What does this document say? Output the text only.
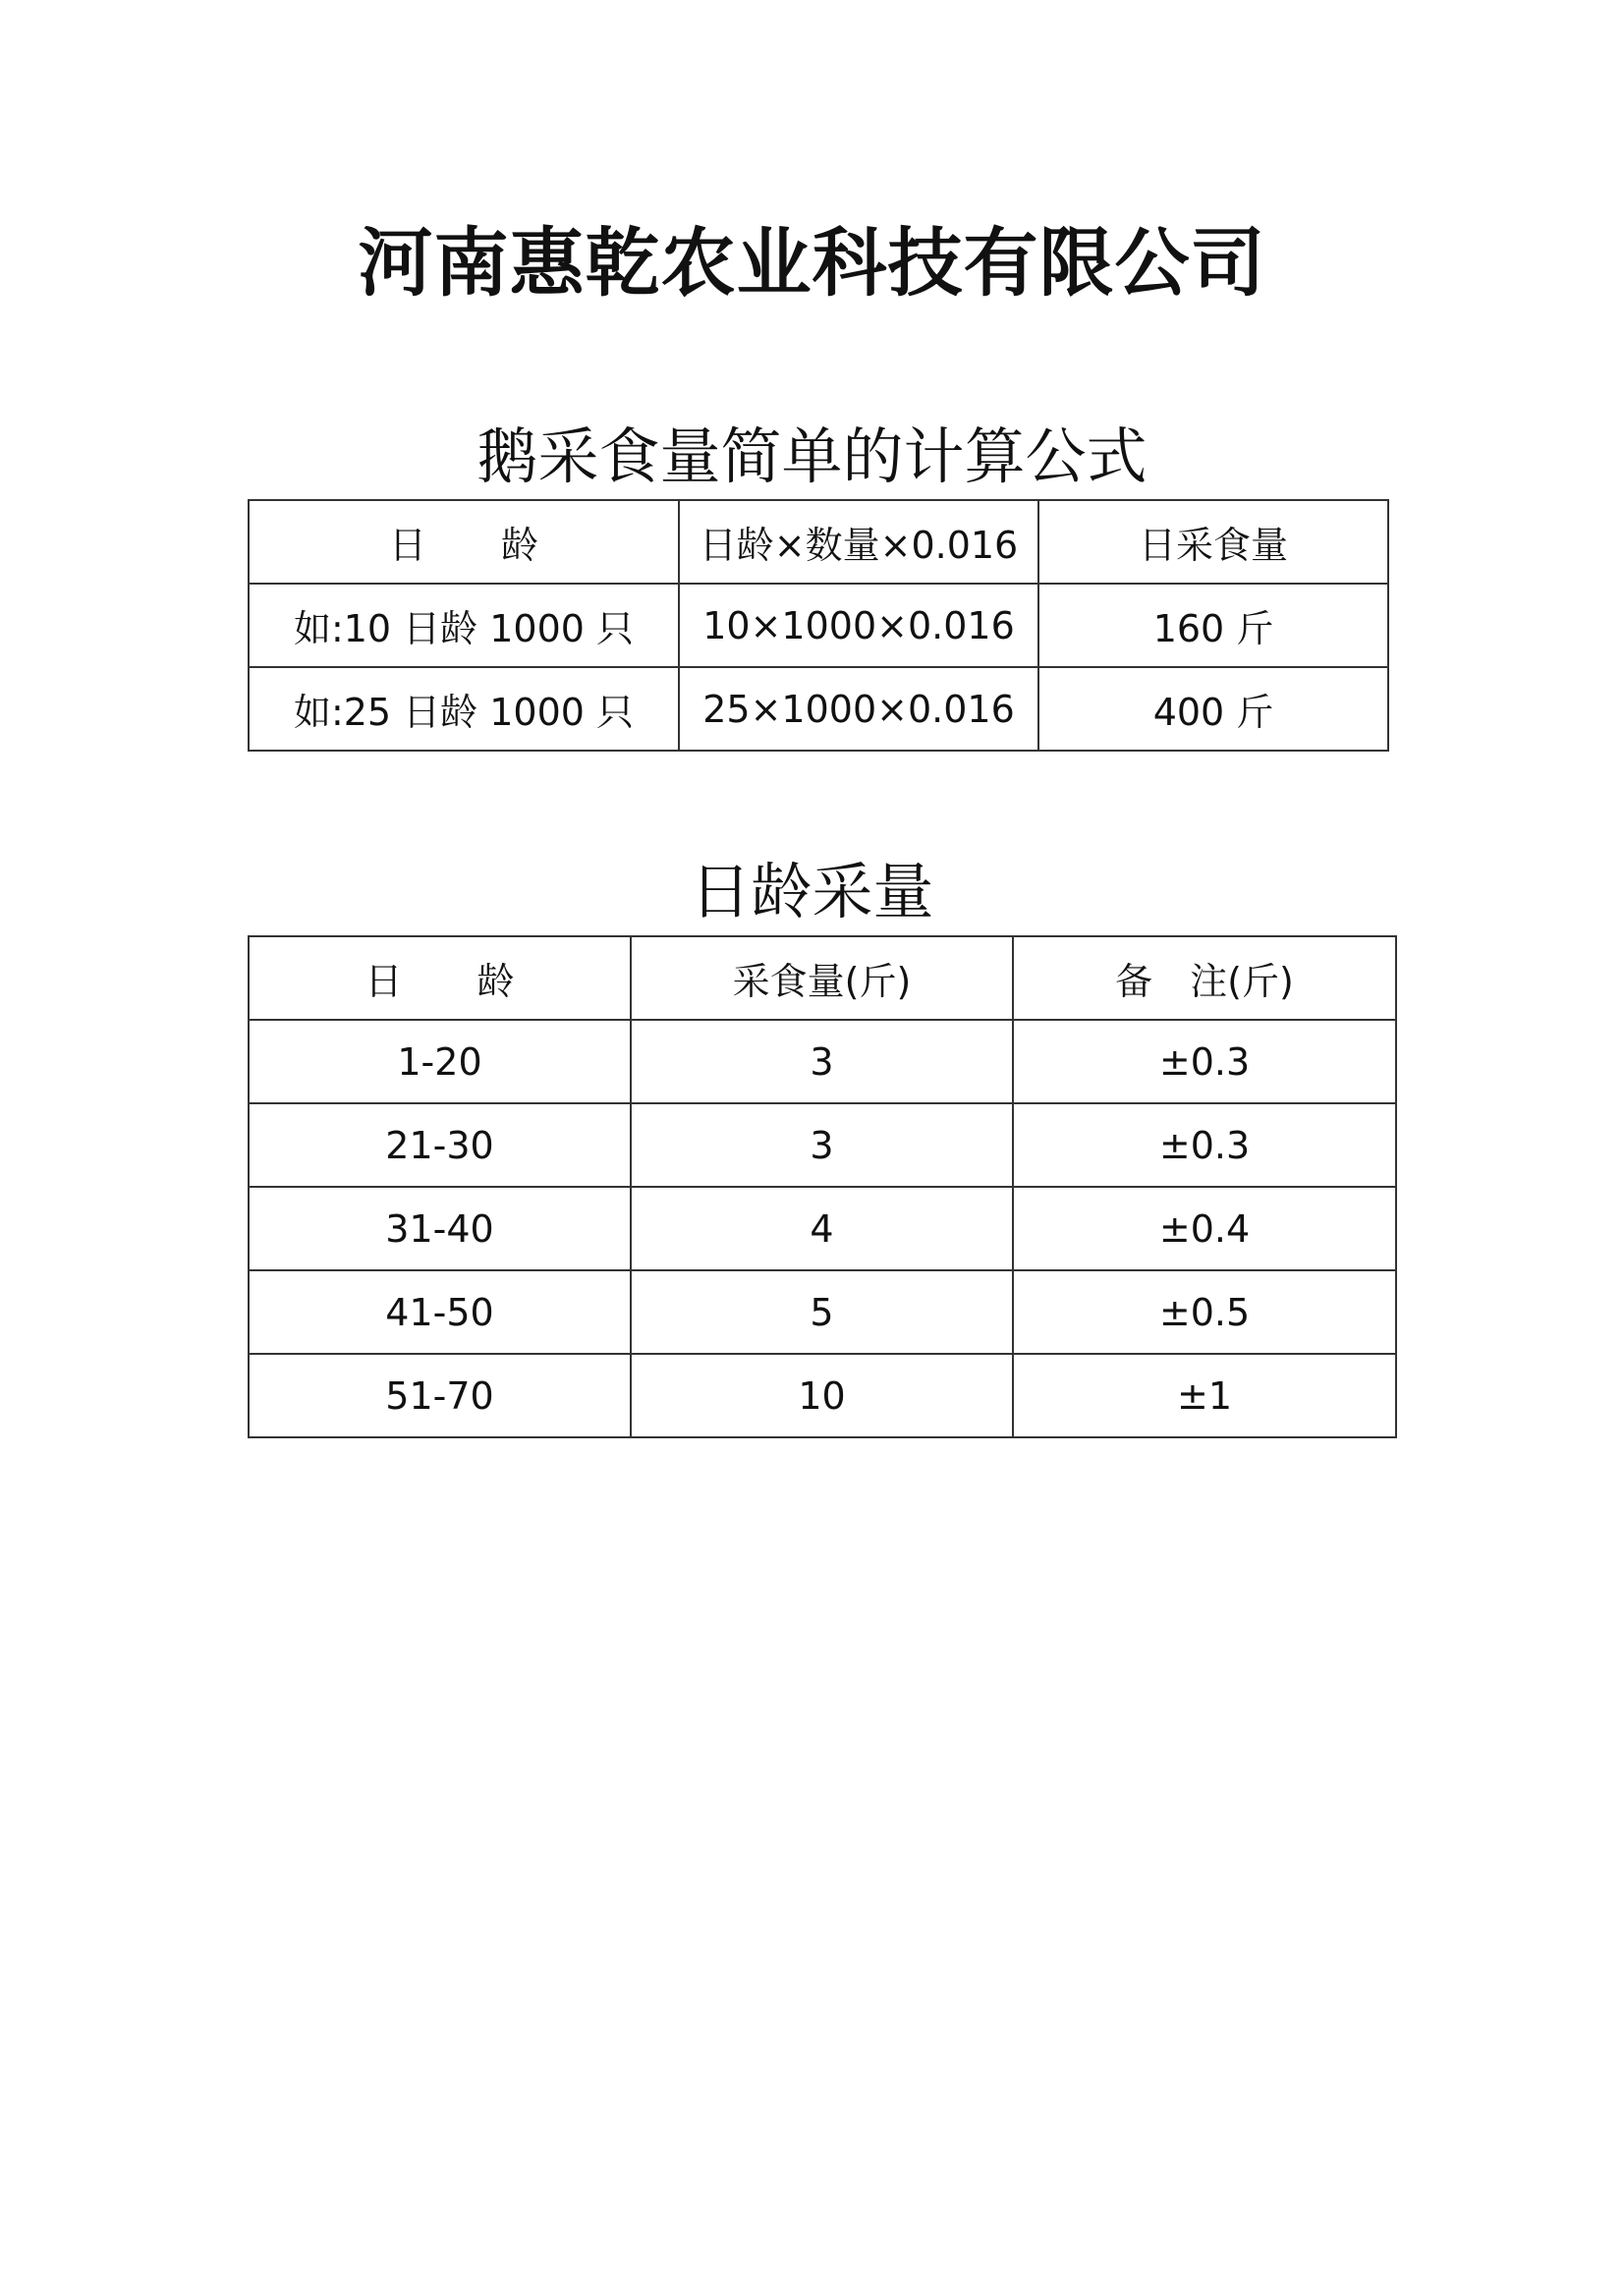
河南惠乾农业科技有限公司
鹅采食量简单的计算公式
日　　龄	日龄×数量×0.016	日采食量
如:10 日龄 1000 只	10×1000×0.016	160 斤
如:25 日龄 1000 只	25×1000×0.016	400 斤
日龄采量
日　　龄	采食量(斤)	备　注(斤)
1-20	3	±0.3
21-30	3	±0.3
31-40	4	±0.4
41-50	5	±0.5
51-70	10	±1
